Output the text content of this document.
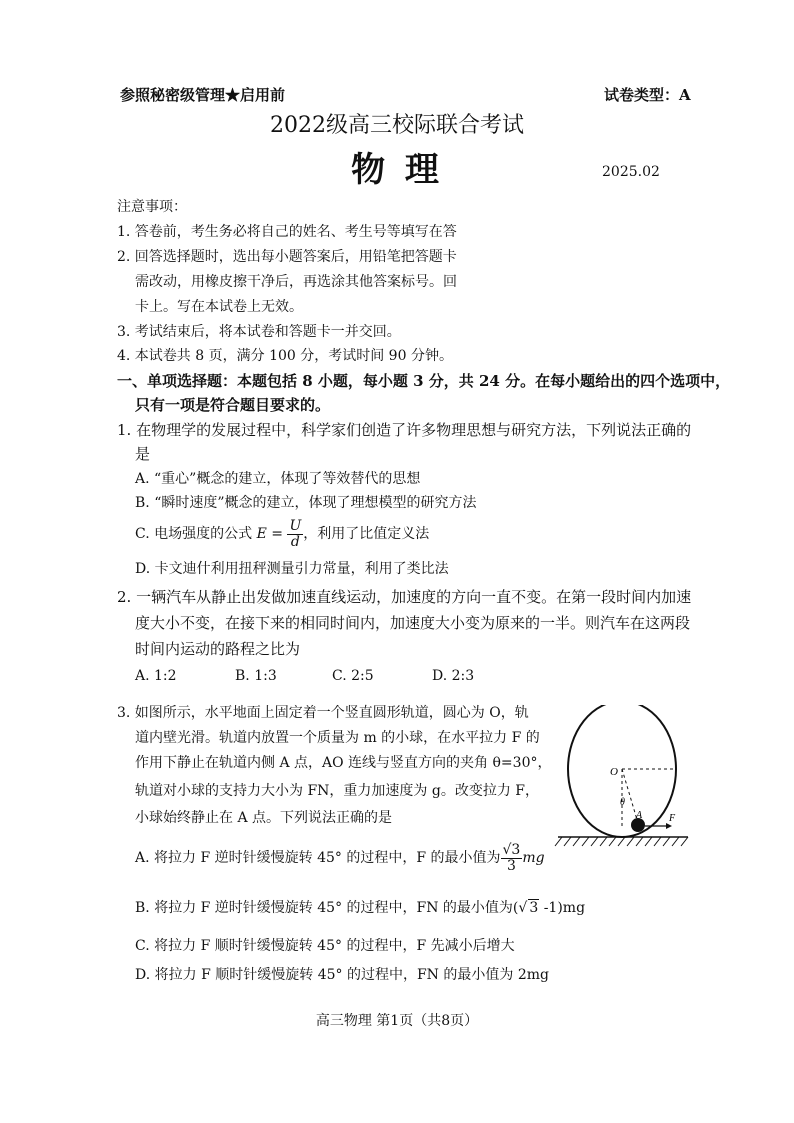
参照秘密级管理★启用前	试卷类型：A
2022级高三校际联合考试
物 理	2025.02
注意事项：
1. 答卷前，考生务必将自己的姓名、考生号等填写在答
2. 回答选择题时，选出每小题答案后，用铅笔把答题卡
需改动，用橡皮擦干净后，再选涂其他答案标号。回
卡上。写在本试卷上无效。
3. 考试结束后，将本试卷和答题卡一并交回。
4. 本试卷共 8 页，满分 100 分，考试时间 90 分钟。
一、单项选择题：本题包括 8 小题，每小题 3 分，共 24 分。在每小题给出的四个选项中，
只有一项是符合题目要求的。
1. 在物理学的发展过程中，科学家们创造了许多物理思想与研究方法，下列说法正确的
是
A. “重心”概念的建立，体现了等效替代的思想
B. “瞬时速度”概念的建立，体现了理想模型的研究方法
C. 电场强度的公式 $E = \frac{U}{d}$ ，利用了比值定义法
D. 卡文迪什利用扭秤测量引力常量，利用了类比法
2. 一辆汽车从静止出发做加速直线运动，加速度的方向一直不变。在第一段时间内加速
度大小不变，在接下来的相同时间内，加速度大小变为原来的一半。则汽车在这两段
时间内运动的路程之比为
A. 1:2	B. 1:3	C. 2:5	D. 2:3
3. 如图所示，水平地面上固定着一个竖直圆形轨道，圆心为 O，轨
道内壁光滑。轨道内放置一个质量为 m 的小球，在水平拉力 F 的
作用下静止在轨道内侧 A 点，AO 连线与竖直方向的夹角 θ=30°，
轨道对小球的支持力大小为 FN，重力加速度为 g。改变拉力 F，
小球始终静止在 A 点。下列说法正确的是
A. 将拉力 F 逆时针缓慢旋转 45° 的过程中，F 的最小值为 $\frac{√3}{3}$ mg
B. 将拉力 F 逆时针缓慢旋转 45° 的过程中，FN 的最小值为(√ 3 -1)mg
C. 将拉力 F 顺时针缓慢旋转 45° 的过程中，F 先减小后增大
D. 将拉力 F 顺时针缓慢旋转 45° 的过程中，FN 的最小值为 2mg
O
θ
A	F
高三物理 第1页（共8页）
